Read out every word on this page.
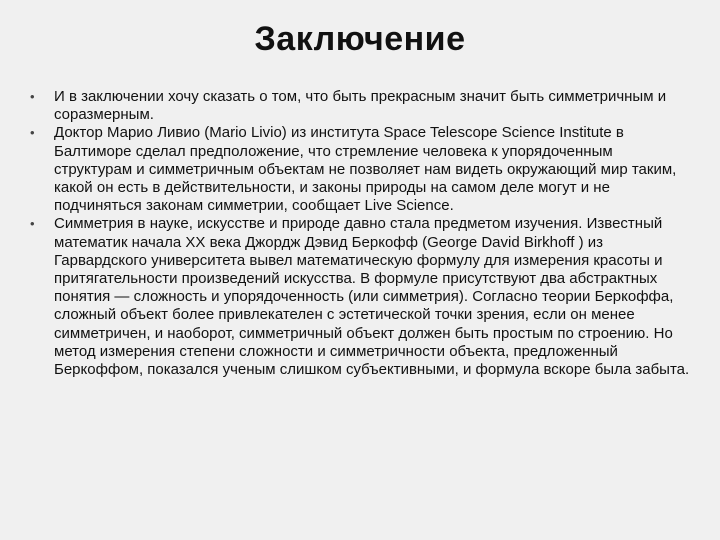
Заключение
• И в заключении хочу сказать о том, что быть прекрасным значит быть симметричным и соразмерным.
• Доктор Марио Ливио (Mario Livio) из института Space Telescope Science Institute в Балтиморе сделал предположение, что стремление человека к упорядоченным структурам и симметричным объектам не позволяет нам видеть окружающий мир таким, какой он есть в действительности, и законы природы на самом деле могут и не подчиняться законам симметрии, сообщает Live Science.
• Симметрия в науке, искусстве и природе давно стала предметом изучения. Известный математик начала XX века Джордж Дэвид Беркофф (George David Birkhoff ) из Гарвардского университета вывел математическую формулу для измерения красоты и притягательности произведений искусства. В формуле присутствуют два абстрактных понятия — сложность и упорядоченность (или симметрия). Согласно теории Беркоффа, сложный объект более привлекателен с эстетической точки зрения, если он менее симметричен, и наоборот, симметричный объект должен быть простым по строению. Но метод измерения степени сложности и симметричности объекта, предложенный Беркоффом, показался ученым слишком субъективными, и формула вскоре была забыта.
